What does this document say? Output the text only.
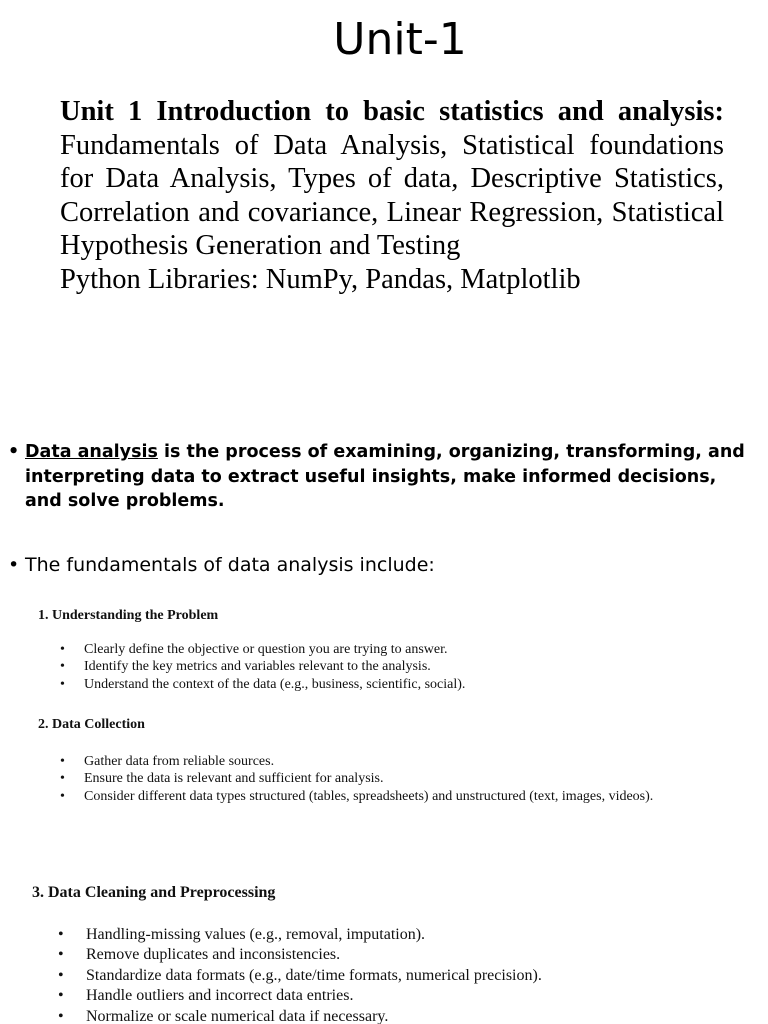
Unit-1

Unit 1 Introduction to basic statistics and analysis: Fundamentals of Data Analysis, Statistical foundations for Data Analysis, Types of data, Descriptive Statistics, Correlation and covariance, Linear Regression, Statistical Hypothesis Generation and Testing

Python Libraries: NumPy, Pandas, Matplotlib

• Data analysis is the process of examining, organizing, transforming, and interpreting data to extract useful insights, make informed decisions, and solve problems.
• The fundamentals of data analysis include:

1. Understanding the Problem

•	Clearly define the objective or question you are trying to answer.
•	Identify the key metrics and variables relevant to the analysis.
•	Understand the context of the data (e.g., business, scientific, social).

2. Data Collection

•	Gather data from reliable sources.
•	Ensure the data is relevant and sufficient for analysis.
•	Consider different data types structured (tables, spreadsheets) and unstructured (text, images, videos).

3. Data Cleaning and Preprocessing

•	Handling-missing values (e.g., removal, imputation).
•	Remove duplicates and inconsistencies.
•	Standardize data formats (e.g., date/time formats, numerical precision).
•	Handle outliers and incorrect data entries.
•	Normalize or scale numerical data if necessary.
